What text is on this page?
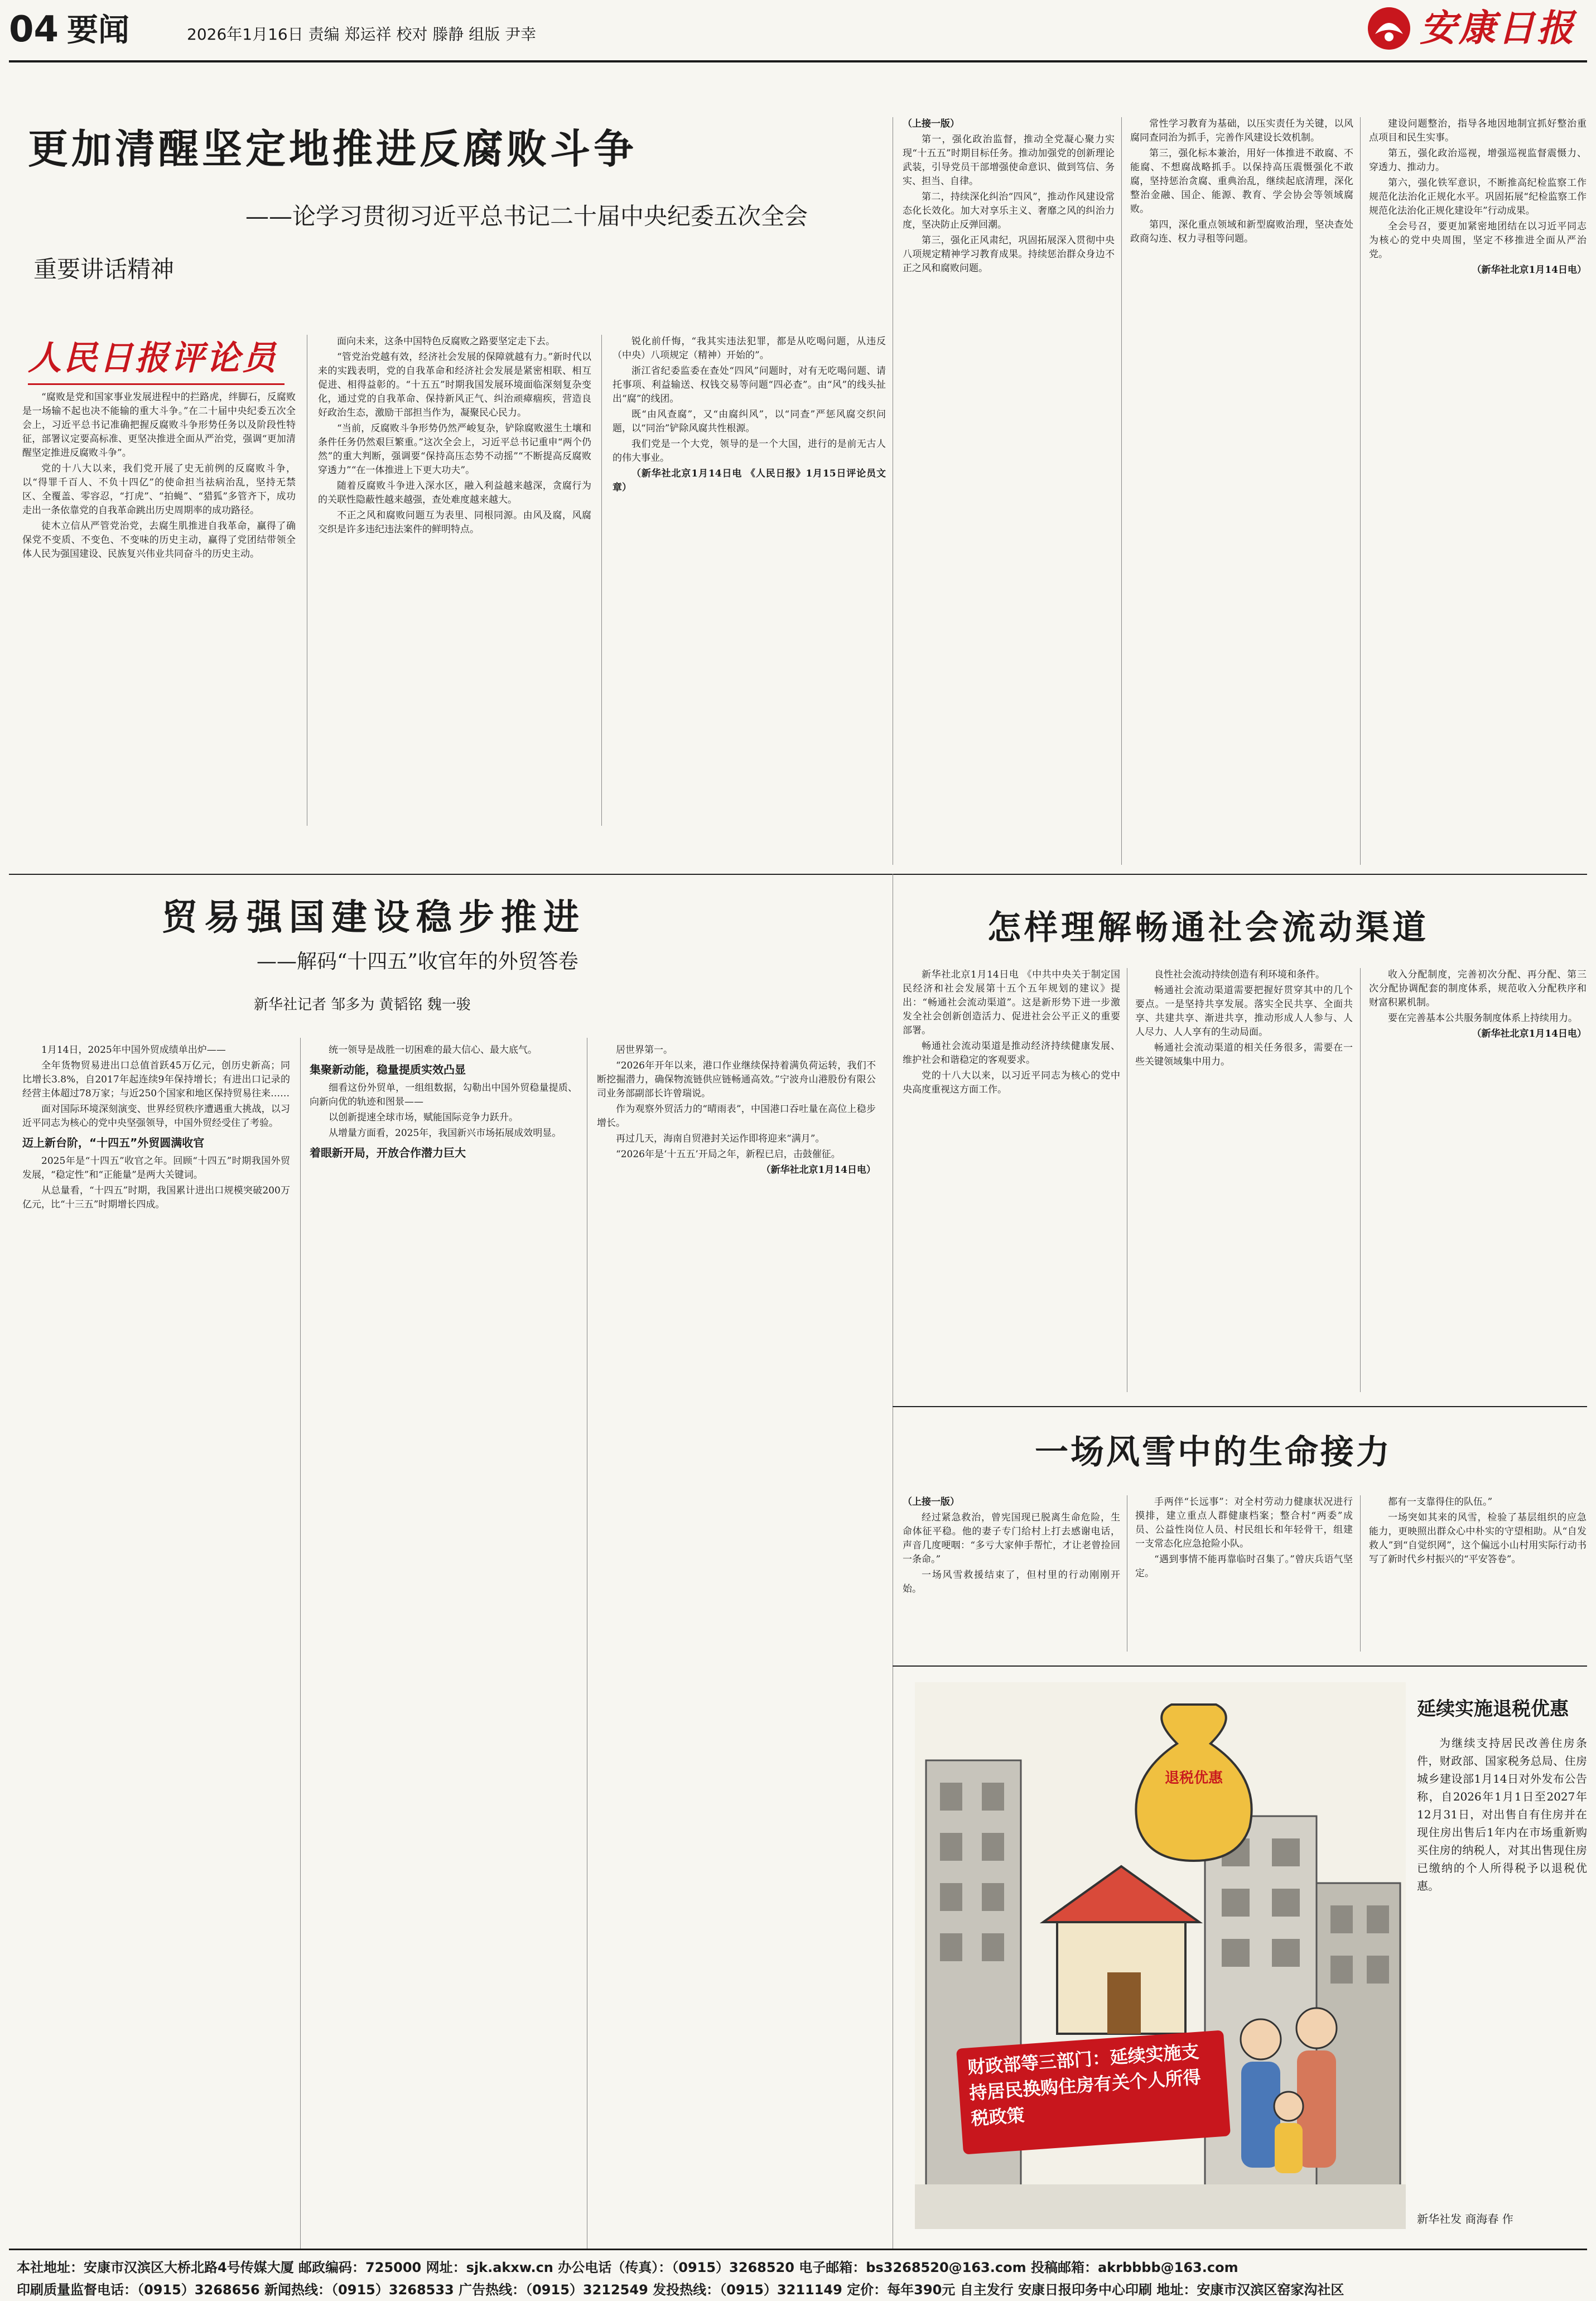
04 要闻	2026年1月16日 责编 郑运祥 校对 滕静 组版 尹幸	安康日报
更加清醒坚定地推进反腐败斗争
——论学习贯彻习近平总书记二十届中央纪委五次全会
重要讲话精神
人民日报评论员

“腐败是党和国家事业发展进程中的拦路虎，绊脚石，反腐败是一场输不起也决不能输的重大斗争。”在二十届中央纪委五次全会上，习近平总书记准确把握反腐败斗争形势任务以及阶段性特征，部署议定要高标准、更坚决推进全面从严治党，强调“更加清醒坚定推进反腐败斗争”。

党的十八大以来，我们党开展了史无前例的反腐败斗争，以“得罪千百人、不负十四亿”的使命担当祛病治乱，坚持无禁区、全覆盖、零容忍，“打虎”、“拍蝇”、“猎狐”多管齐下，成功走出一条依靠党的自我革命跳出历史周期率的成功路径。

徒木立信从严管党治党，去腐生肌推进自我革命，赢得了确保党不变质、不变色、不变味的历史主动，赢得了党团结带领全体人民为强国建设、民族复兴伟业共同奋斗的历史主动。

面向未来，这条中国特色反腐败之路要坚定走下去。

“管党治党越有效，经济社会发展的保障就越有力。”新时代以来的实践表明，党的自我革命和经济社会发展是紧密相联、相互促进、相得益彰的。“十五五”时期我国发展环境面临深刻复杂变化，通过党的自我革命、保持新风正气、纠治顽瘴痼疾，营造良好政治生态，激励干部担当作为，凝聚民心民力。

“当前，反腐败斗争形势仍然严峻复杂，铲除腐败滋生土壤和条件任务仍然艰巨繁重。”这次全会上，习近平总书记重申“两个仍然”的重大判断，强调要“保持高压态势不动摇”“不断提高反腐败穿透力”“在一体推进上下更大功夫”。

随着反腐败斗争进入深水区，融入利益越来越深，贪腐行为的关联性隐蔽性越来越强，查处难度越来越大。

不正之风和腐败问题互为表里、同根同源。由风及腐，风腐交织是许多违纪违法案件的鲜明特点。

锐化前仟悔，“我其实违法犯罪，都是从吃喝问题，从违反（中央）八项规定（精神）开始的”。

浙江省纪委监委在查处“四风”问题时，对有无吃喝问题、请托事项、利益输送、权钱交易等问题“四必查”。由“风”的线头扯出“腐”的线团。

既“由风查腐”，又“由腐纠风”，以“同查”严惩风腐交织问题，以“同治”铲除风腐共性根源。

我们党是一个大党，领导的是一个大国，进行的是前无古人的伟大事业。

（新华社北京1月14日电 《人民日报》1月15日评论员文章）

（上接一版）

第一，强化政治监督，推动全党凝心聚力实现“十五五”时期目标任务。推动加强党的创新理论武装，引导党员干部增强使命意识、做到笃信、务实、担当、自律。

第二，持续深化纠治“四风”，推动作风建设常态化长效化。加大对享乐主义、奢靡之风的纠治力度，坚决防止反弹回潮。

第三，强化正风肃纪，巩固拓展深入贯彻中央八项规定精神学习教育成果。持续惩治群众身边不正之风和腐败问题。

常性学习教育为基础，以压实责任为关键，以风腐同查同治为抓手，完善作风建设长效机制。

第三，强化标本兼治，用好一体推进不敢腐、不能腐、不想腐战略抓手。以保持高压震慑强化不敢腐，坚持惩治贪腐、重典治乱，继续起底清理，深化整治金融、国企、能源、教育、学会协会等领域腐败。

第四，深化重点领域和新型腐败治理，坚决查处政商勾连、权力寻租等问题。

建设问题整治，指导各地因地制宜抓好整治重点项目和民生实事。

第五，强化政治巡视，增强巡视监督震慑力、穿透力、推动力。

第六，强化铁军意识，不断推高纪检监察工作规范化法治化正规化水平。巩固拓展“纪检监察工作规范化法治化正规化建设年”行动成果。

全会号召，要更加紧密地团结在以习近平同志为核心的党中央周围，坚定不移推进全面从严治党。

（新华社北京1月14日电）

贸易强国建设稳步推进
——解码“十四五”收官年的外贸答卷
新华社记者 邹多为 黄韬铭 魏一骏

1月14日，2025年中国外贸成绩单出炉——

全年货物贸易进出口总值首跃45万亿元，创历史新高；同比增长3.8%，自2017年起连续9年保持增长；有进出口记录的经营主体超过78万家；与近250个国家和地区保持贸易往来……

面对国际环境深刻演变、世界经贸秩序遭遇重大挑战，以习近平同志为核心的党中央坚强领导，中国外贸经受住了考验。

迈上新台阶，“十四五”外贸圆满收官

2025年是“十四五”收官之年。回顾“十四五”时期我国外贸发展，“稳定性”和“正能量”是两大关键词。

从总量看，“十四五”时期，我国累计进出口规模突破200万亿元，比“十三五”时期增长四成。

统一领导是战胜一切困难的最大信心、最大底气。

集聚新动能，稳量提质实效凸显

细看这份外贸单，一组组数据，勾勒出中国外贸稳量提质、向新向优的轨迹和图景——

以创新提速全球市场，赋能国际竞争力跃升。

从增量方面看，2025年，我国新兴市场拓展成效明显。

着眼新开局，开放合作潜力巨大

居世界第一。

“2026年开年以来，港口作业继续保持着满负荷运转，我们不断挖掘潜力，确保物流链供应链畅通高效。”宁波舟山港股份有限公司业务部副部长许曾瑞说。

作为观察外贸活力的“晴雨表”，中国港口吞吐量在高位上稳步增长。

再过几天，海南自贸港封关运作即将迎来“满月”。

“2026年是‘十五五’开局之年，新程已启，击鼓催征。

（新华社北京1月14日电）

怎样理解畅通社会流动渠道

新华社北京1月14日电 《中共中央关于制定国民经济和社会发展第十五个五年规划的建议》提出：“畅通社会流动渠道”。这是新形势下进一步激发全社会创新创造活力、促进社会公平正义的重要部署。

畅通社会流动渠道是推动经济持续健康发展、维护社会和谐稳定的客观要求。

党的十八大以来，以习近平同志为核心的党中央高度重视这方面工作。

良性社会流动持续创造有利环境和条件。

畅通社会流动渠道需要把握好贯穿其中的几个要点。一是坚持共享发展。落实全民共享、全面共享、共建共享、渐进共享，推动形成人人参与、人人尽力、人人享有的生动局面。

畅通社会流动渠道的相关任务很多，需要在一些关键领域集中用力。

收入分配制度，完善初次分配、再分配、第三次分配协调配套的制度体系，规范收入分配秩序和财富积累机制。

要在完善基本公共服务制度体系上持续用力。

（新华社北京1月14日电）

一场风雪中的生命接力

（上接一版）

经过紧急救治，曾宪国现已脱离生命危险，生命体征平稳。他的妻子专门给村上打去感谢电话，声音几度哽咽：“多亏大家伸手帮忙，才让老曾捡回一条命。”

一场风雪救援结束了，但村里的行动刚刚开始。

手两伴“长远事”：对全村劳动力健康状况进行摸排，建立重点人群健康档案；整合村“两委”成员、公益性岗位人员、村民组长和年轻骨干，组建一支常态化应急抢险小队。

“遇到事情不能再靠临时召集了。”曾庆兵语气坚定。

都有一支靠得住的队伍。”

一场突如其来的风雪，检验了基层组织的应急能力，更映照出群众心中朴实的守望相助。从“自发救人”到“自觉织网”，这个偏远小山村用实际行动书写了新时代乡村振兴的“平安答卷”。

退税优惠
财政部等三部门：延续实施支持居民换购住房有关个人所得税政策
延续实施退税优惠
为继续支持居民改善住房条件，财政部、国家税务总局、住房城乡建设部1月14日对外发布公告称，自2026年1月1日至2027年12月31日，对出售自有住房并在现住房出售后1年内在市场重新购买住房的纳税人，对其出售现住房已缴纳的个人所得税予以退税优惠。
新华社发 商海春 作
本社地址：安康市汉滨区大桥北路4号传媒大厦 邮政编码：725000 网址：sjk.akxw.cn 办公电话（传真）：（0915）3268520 电子邮箱：bs3268520@163.com 投稿邮箱：akrbbbb@163.com
印刷质量监督电话：（0915）3268656 新闻热线：（0915）3268533 广告热线：（0915）3212549 发投热线：（0915）3211149 定价：每年390元 自主发行 安康日报印务中心印刷 地址：安康市汉滨区窑家沟社区
